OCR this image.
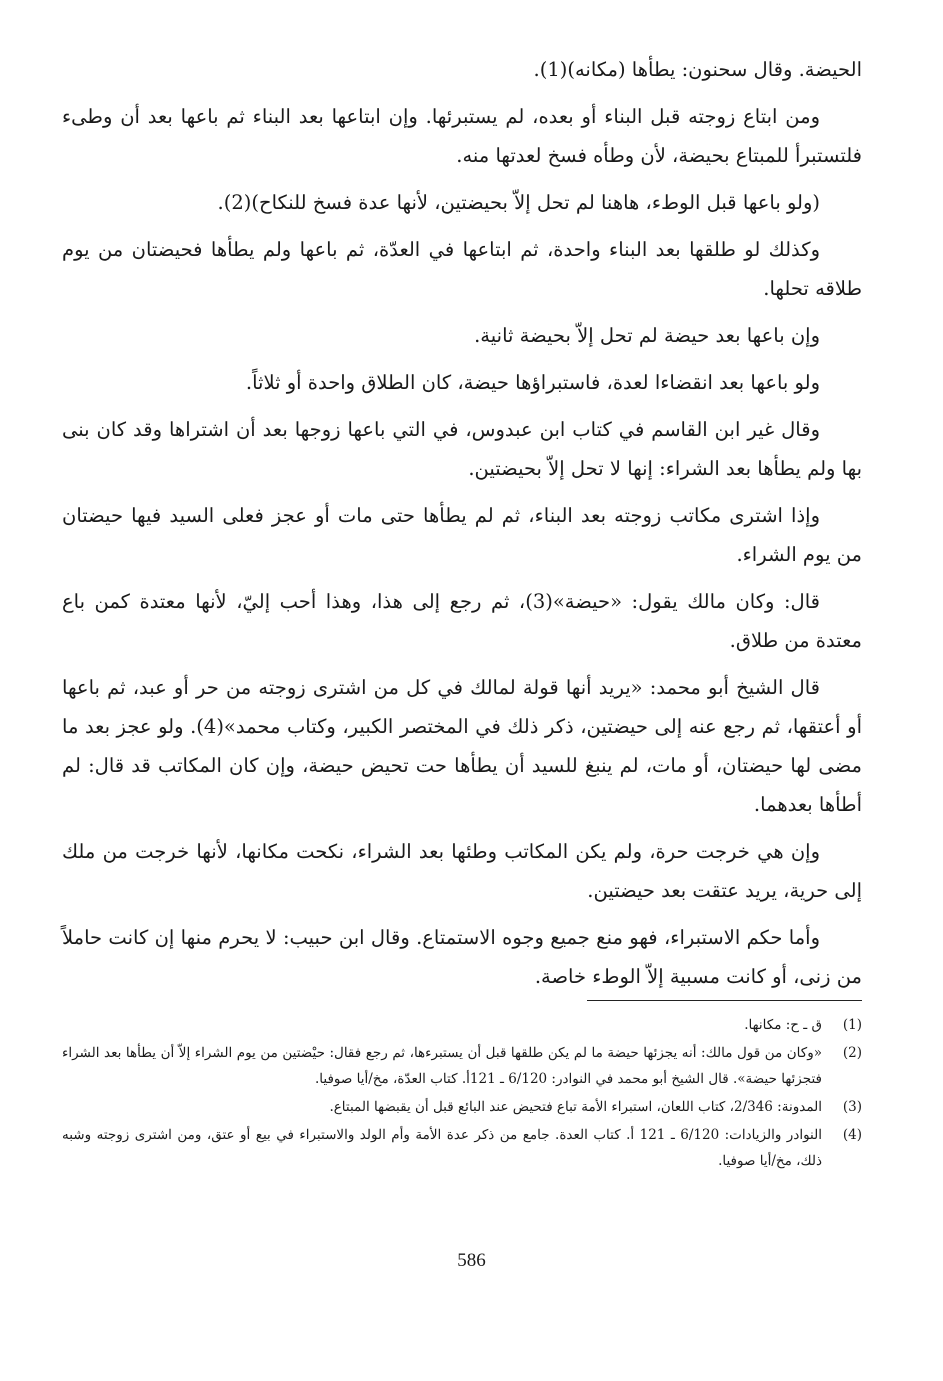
الحيضة. وقال سحنون: يطأها (مكانه)(1).

ومن ابتاع زوجته قبل البناء أو بعده، لم يستبرئها. وإن ابتاعها بعد البناء ثم باعها بعد أن وطىء فلتستبرأ للمبتاع بحيضة، لأن وطأه فسخ لعدتها منه.

(ولو باعها قبل الوطء، هاهنا لم تحل إلاّ بحيضتين، لأنها عدة فسخ للنكاح)(2).

وكذلك لو طلقها بعد البناء واحدة، ثم ابتاعها في العدّة، ثم باعها ولم يطأها فحيضتان من يوم طلاقه تحلها.

وإن باعها بعد حيضة لم تحل إلاّ بحيضة ثانية.

ولو باعها بعد انقضاءا لعدة، فاستبراؤها حيضة، كان الطلاق واحدة أو ثلاثاً.

وقال غير ابن القاسم في كتاب ابن عبدوس، في التي باعها زوجها بعد أن اشتراها وقد كان بنى بها ولم يطأها بعد الشراء: إنها لا تحل إلاّ بحيضتين.

وإذا اشترى مكاتب زوجته بعد البناء، ثم لم يطأها حتى مات أو عجز فعلى السيد فيها حيضتان من يوم الشراء.

قال: وكان مالك يقول: «حيضة»(3)، ثم رجع إلى هذا، وهذا أحب إليّ، لأنها معتدة كمن باع معتدة من طلاق.

قال الشيخ أبو محمد: «يريد أنها قولة لمالك في كل من اشترى زوجته من حر أو عبد، ثم باعها أو أعتقها، ثم رجع عنه إلى حيضتين، ذكر ذلك في المختصر الكبير، وكتاب محمد»(4). ولو عجز بعد ما مضى لها حيضتان، أو مات، لم ينبغ للسيد أن يطأها حت تحيض حيضة، وإن كان المكاتب قد قال: لم أطأها بعدهما.

وإن هي خرجت حرة، ولم يكن المكاتب وطئها بعد الشراء، نكحت مكانها، لأنها خرجت من ملك إلى حرية، يريد عتقت بعد حيضتين.

وأما حكم الاستبراء، فهو منع جميع وجوه الاستمتاع. وقال ابن حبيب: لا يحرم منها إن كانت حاملاً من زنى، أو كانت مسبية إلاّ الوطء خاصة.

(1)
ق ـ ح: مكانها.
(2)
«وكان من قول مالك: أنه يجزئها حيضة ما لم يكن طلقها قبل أن يستبرءها، ثم رجع فقال: حيْضتين من يوم الشراء إلاّ أن يطأها بعد الشراء فتجزئها حيضة». قال الشيخ أبو محمد في النوادر: 6/120 ـ 121أ. كتاب العدّة، مخ/أيا صوفيا.
(3)
المدونة: 2/346، كتاب اللعان، استبراء الأمة تباع فتحيض عند البائع قبل أن يقبضها المبتاع.
(4)
النوادر والزيادات: 6/120 ـ 121 أ. كتاب العدة. جامع من ذكر عدة الأمة وأم الولد والاستبراء في بيع أو عتق، ومن اشترى زوجته وشبه ذلك، مخ/أيا صوفيا.
586
